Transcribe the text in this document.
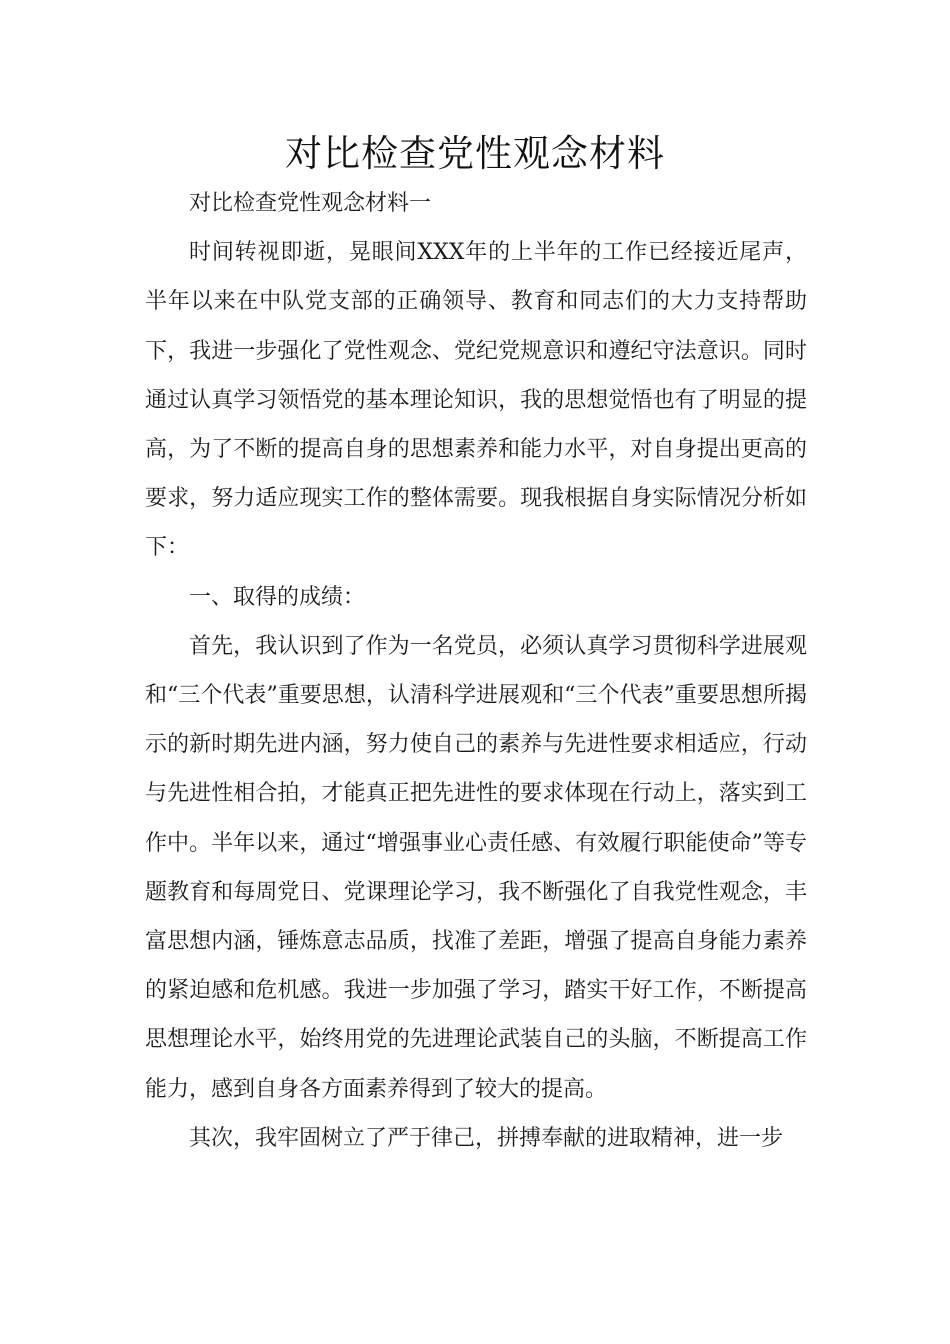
对比检查党性观念材料

对比检查党性观念材料一

时间转视即逝，晃眼间XXX年的上半年的工作已经接近尾声，半年以来在中队党支部的正确领导、教育和同志们的大力支持帮助下，我进一步强化了党性观念、党纪党规意识和遵纪守法意识。同时通过认真学习领悟党的基本理论知识，我的思想觉悟也有了明显的提高，为了不断的提高自身的思想素养和能力水平，对自身提出更高的要求，努力适应现实工作的整体需要。现我根据自身实际情况分析如下：

一、取得的成绩：

首先，我认识到了作为一名党员，必须认真学习贯彻科学进展观和“三个代表”重要思想，认清科学进展观和“三个代表”重要思想所揭示的新时期先进内涵，努力使自己的素养与先进性要求相适应，行动与先进性相合拍，才能真正把先进性的要求体现在行动上，落实到工作中。半年以来，通过“增强事业心责任感、有效履行职能使命”等专题教育和每周党日、党课理论学习，我不断强化了自我党性观念，丰富思想内涵，锤炼意志品质，找准了差距，增强了提高自身能力素养的紧迫感和危机感。我进一步加强了学习，踏实干好工作，不断提高思想理论水平，始终用党的先进理论武装自己的头脑，不断提高工作能力，感到自身各方面素养得到了较大的提高。

其次，我牢固树立了严于律己，拼搏奉献的进取精神，进一步
